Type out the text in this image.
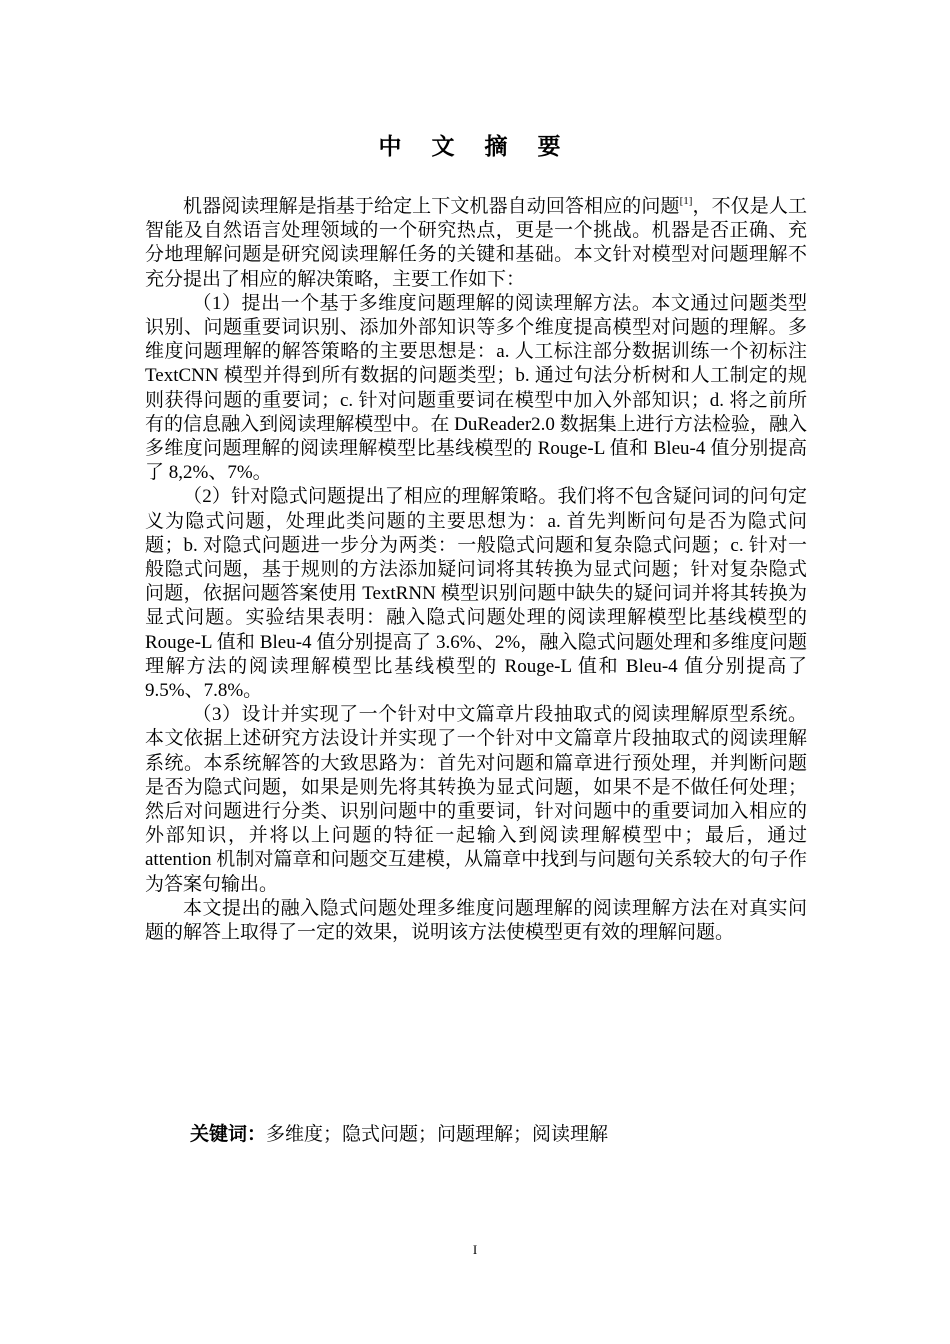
中 文 摘 要

机器阅读理解是指基于给定上下文机器自动回答相应的问题[1]，不仅是人工智能及自然语言处理领域的一个研究热点，更是一个挑战。机器是否正确、充分地理解问题是研究阅读理解任务的关键和基础。本文针对模型对问题理解不充分提出了相应的解决策略，主要工作如下：

（1）提出一个基于多维度问题理解的阅读理解方法。本文通过问题类型识别、问题重要词识别、添加外部知识等多个维度提高模型对问题的理解。多维度问题理解的解答策略的主要思想是：a. 人工标注部分数据训练一个初标注 TextCNN 模型并得到所有数据的问题类型；b. 通过句法分析树和人工制定的规则获得问题的重要词；c. 针对问题重要词在模型中加入外部知识；d. 将之前所有的信息融入到阅读理解模型中。在 DuReader2.0 数据集上进行方法检验，融入多维度问题理解的阅读理解模型比基线模型的 Rouge-L 值和 Bleu-4 值分别提高了 8,2%、7%。

（2）针对隐式问题提出了相应的理解策略。我们将不包含疑问词的问句定义为隐式问题，处理此类问题的主要思想为：a. 首先判断问句是否为隐式问题；b. 对隐式问题进一步分为两类：一般隐式问题和复杂隐式问题；c. 针对一般隐式问题，基于规则的方法添加疑问词将其转换为显式问题；针对复杂隐式问题，依据问题答案使用 TextRNN 模型识别问题中缺失的疑问词并将其转换为显式问题。实验结果表明：融入隐式问题处理的阅读理解模型比基线模型的 Rouge-L 值和 Bleu-4 值分别提高了 3.6%、2%，融入隐式问题处理和多维度问题理解方法的阅读理解模型比基线模型的 Rouge-L 值和 Bleu-4 值分别提高了 9.5%、7.8%。

（3）设计并实现了一个针对中文篇章片段抽取式的阅读理解原型系统。本文依据上述研究方法设计并实现了一个针对中文篇章片段抽取式的阅读理解系统。本系统解答的大致思路为：首先对问题和篇章进行预处理，并判断问题是否为隐式问题，如果是则先将其转换为显式问题，如果不是不做任何处理；然后对问题进行分类、识别问题中的重要词，针对问题中的重要词加入相应的外部知识，并将以上问题的特征一起输入到阅读理解模型中；最后，通过 attention 机制对篇章和问题交互建模，从篇章中找到与问题句关系较大的句子作为答案句输出。

本文提出的融入隐式问题处理多维度问题理解的阅读理解方法在对真实问题的解答上取得了一定的效果，说明该方法使模型更有效的理解问题。

关键词：多维度；隐式问题；问题理解；阅读理解
I
